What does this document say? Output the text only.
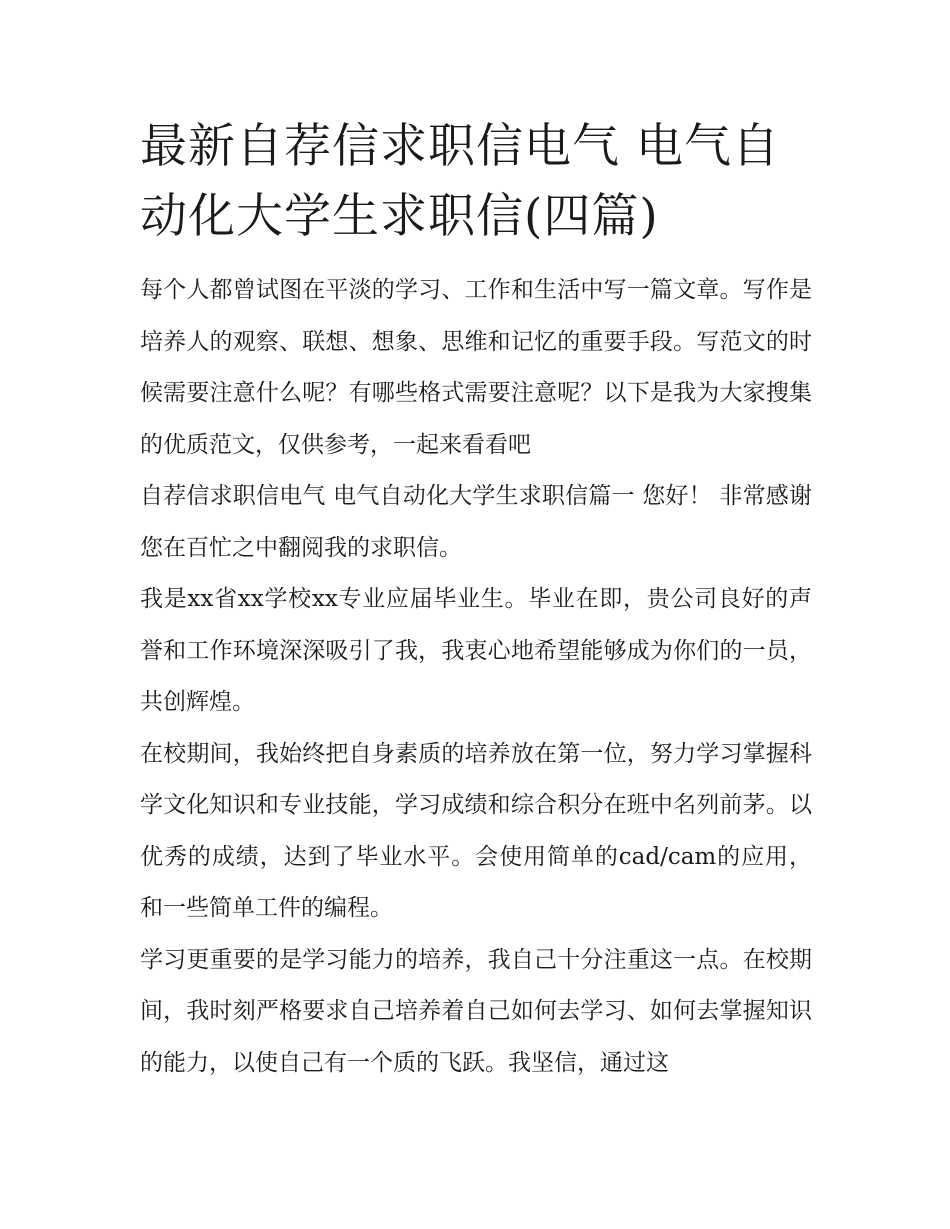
最新自荐信求职信电气 电气自动化大学生求职信(四篇)

每个人都曾试图在平淡的学习、工作和生活中写一篇文章。写作是培养人的观察、联想、想象、思维和记忆的重要手段。写范文的时候需要注意什么呢？有哪些格式需要注意呢？以下是我为大家搜集的优质范文，仅供参考，一起来看看吧

自荐信求职信电气 电气自动化大学生求职信篇一 您好！ 非常感谢您在百忙之中翻阅我的求职信。

我是xx省xx学校xx专业应届毕业生。毕业在即，贵公司良好的声誉和工作环境深深吸引了我，我衷心地希望能够成为你们的一员，共创辉煌。

在校期间，我始终把自身素质的培养放在第一位，努力学习掌握科学文化知识和专业技能，学习成绩和综合积分在班中名列前茅。以优秀的成绩，达到了毕业水平。会使用简单的cad/cam的应用，和一些简单工件的编程。

学习更重要的是学习能力的培养，我自己十分注重这一点。在校期间，我时刻严格要求自己培养着自己如何去学习、如何去掌握知识的能力，以使自己有一个质的飞跃。我坚信，通过这
